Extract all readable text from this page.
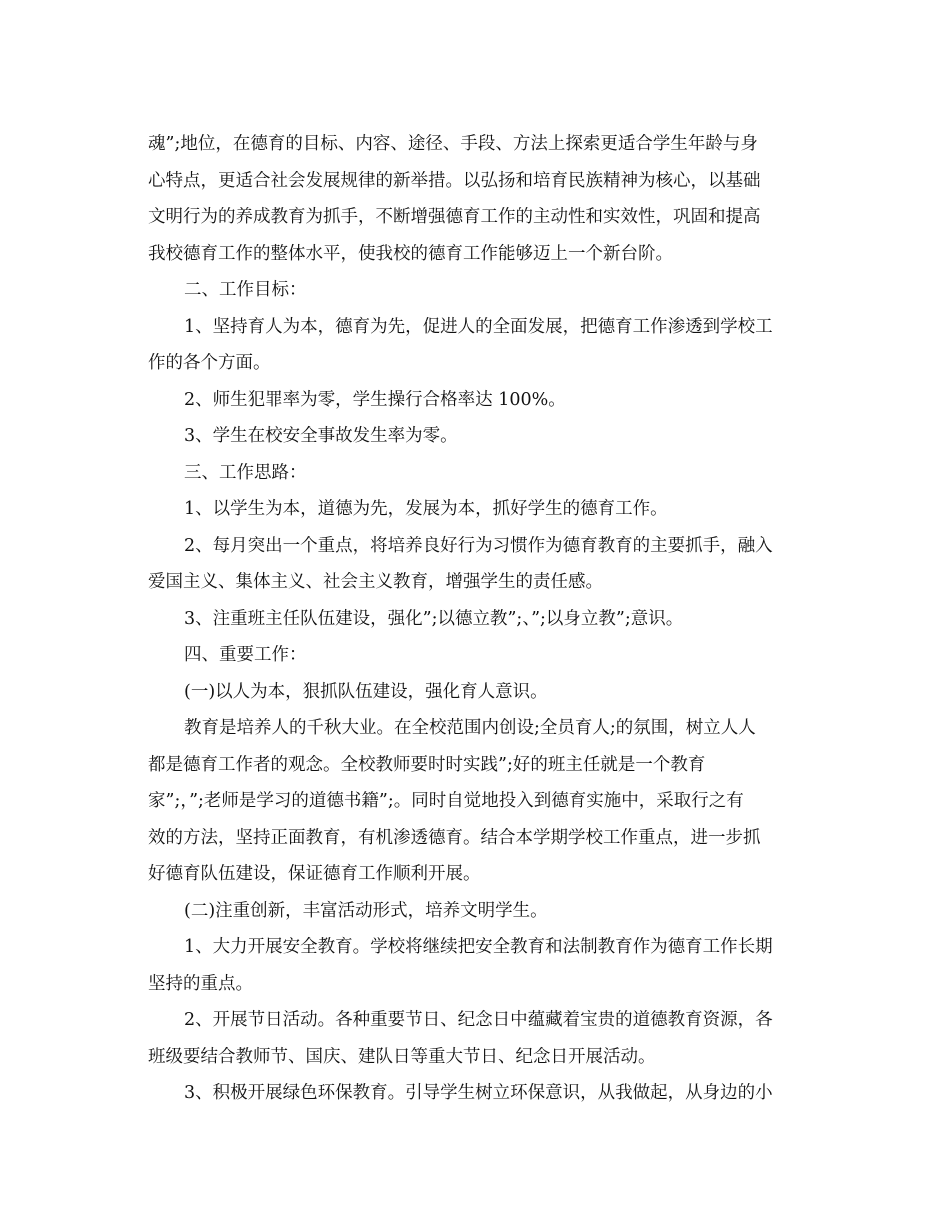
魂”;地位，在德育的目标、内容、途径、手段、方法上探索更适合学生年龄与身
心特点，更适合社会发展规律的新举措。以弘扬和培育民族精神为核心，以基础
文明行为的养成教育为抓手，不断增强德育工作的主动性和实效性，巩固和提高
我校德育工作的整体水平，使我校的德育工作能够迈上一个新台阶。
二、工作目标：
1、坚持育人为本，德育为先，促进人的全面发展，把德育工作渗透到学校工
作的各个方面。
2、师生犯罪率为零，学生操行合格率达 100%。
3、学生在校安全事故发生率为零。
三、工作思路：
1、以学生为本，道德为先，发展为本，抓好学生的德育工作。
2、每月突出一个重点，将培养良好行为习惯作为德育教育的主要抓手，融入
爱国主义、集体主义、社会主义教育，增强学生的责任感。
3、注重班主任队伍建设，强化”;以德立教”;、”;以身立教”;意识。
四、重要工作：
(一)以人为本，狠抓队伍建设，强化育人意识。
教育是培养人的千秋大业。在全校范围内创设;全员育人;的氛围，树立人人
都是德育工作者的观念。全校教师要时时实践”;好的班主任就是一个教育
家”;，”;老师是学习的道德书籍”;。同时自觉地投入到德育实施中，采取行之有
效的方法，坚持正面教育，有机渗透德育。结合本学期学校工作重点，进一步抓
好德育队伍建设，保证德育工作顺利开展。
(二)注重创新，丰富活动形式，培养文明学生。
1、大力开展安全教育。学校将继续把安全教育和法制教育作为德育工作长期
坚持的重点。
2、开展节日活动。各种重要节日、纪念日中蕴藏着宝贵的道德教育资源，各
班级要结合教师节、国庆、建队日等重大节日、纪念日开展活动。
3、积极开展绿色环保教育。引导学生树立环保意识，从我做起，从身边的小
